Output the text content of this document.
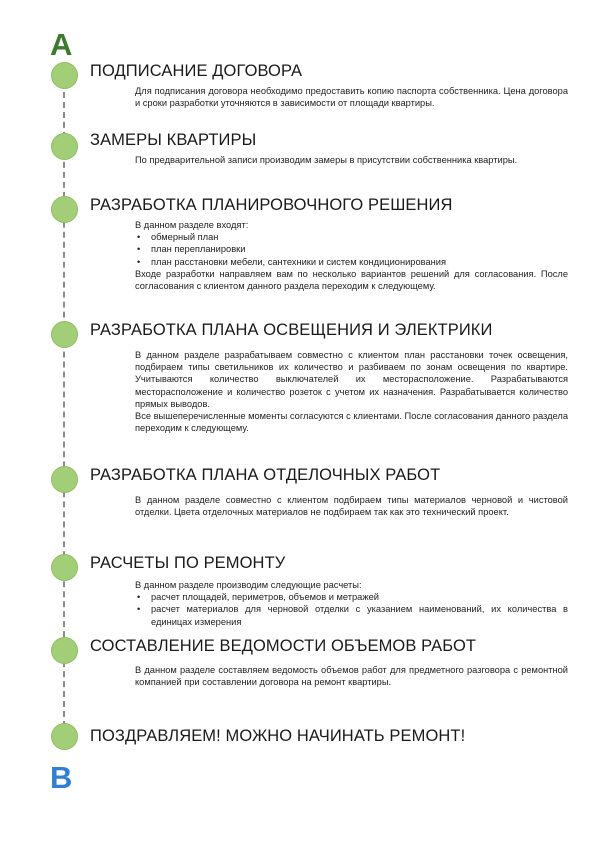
A
B
ПОДПИСАНИЕ ДОГОВОРА

Для подписания договора необходимо предоставить копию паспорта собственника. Цена договора и сроки разработки уточняются в зависимости от площади квартиры.

ЗАМЕРЫ КВАРТИРЫ

По предварительной записи производим замеры в присутствии собственника квартиры.

РАЗРАБОТКА ПЛАНИРОВОЧНОГО РЕШЕНИЯ

В данном разделе входят:

• обмерный план
• план перепланировки
• план расстановки мебели, сантехники и систем кондиционирования

Входе разработки направляем вам по несколько вариантов решений для согласования. После согласования с клиентом данного раздела переходим к следующему.

РАЗРАБОТКА ПЛАНА ОСВЕЩЕНИЯ И ЭЛЕКТРИКИ

В данном разделе разрабатываем совместно с клиентом план расстановки точек освещения, подбираем типы светильников их количество и разбиваем по зонам освещения по квартире. Учитываются количество выключателей их месторасположение. Разрабатываются месторасположение и количество розеток с учетом их назначения. Разрабатывается количество прямых выводов.

Все вышеперечисленные моменты согласуются с клиентами. После согласования данного раздела переходим к следующему.

РАЗРАБОТКА ПЛАНА ОТДЕЛОЧНЫХ РАБОТ

В данном разделе совместно с клиентом подбираем типы материалов черновой и чистовой отделки. Цвета отделочных материалов не подбираем так как это технический проект.

РАСЧЕТЫ ПО РЕМОНТУ

В данном разделе производим следующие расчеты:

• расчет площадей, периметров, объемов и метражей
• расчет материалов для черновой отделки с указанием наименований, их количества в единицах измерения
СОСТАВЛЕНИЕ ВЕДОМОСТИ ОБЪЕМОВ РАБОТ

В данном разделе составляем ведомость объемов работ для предметного разговора с ремонтной компанией при составлении договора на ремонт квартиры.

ПОЗДРАВЛЯЕМ! МОЖНО НАЧИНАТЬ РЕМОНТ!
